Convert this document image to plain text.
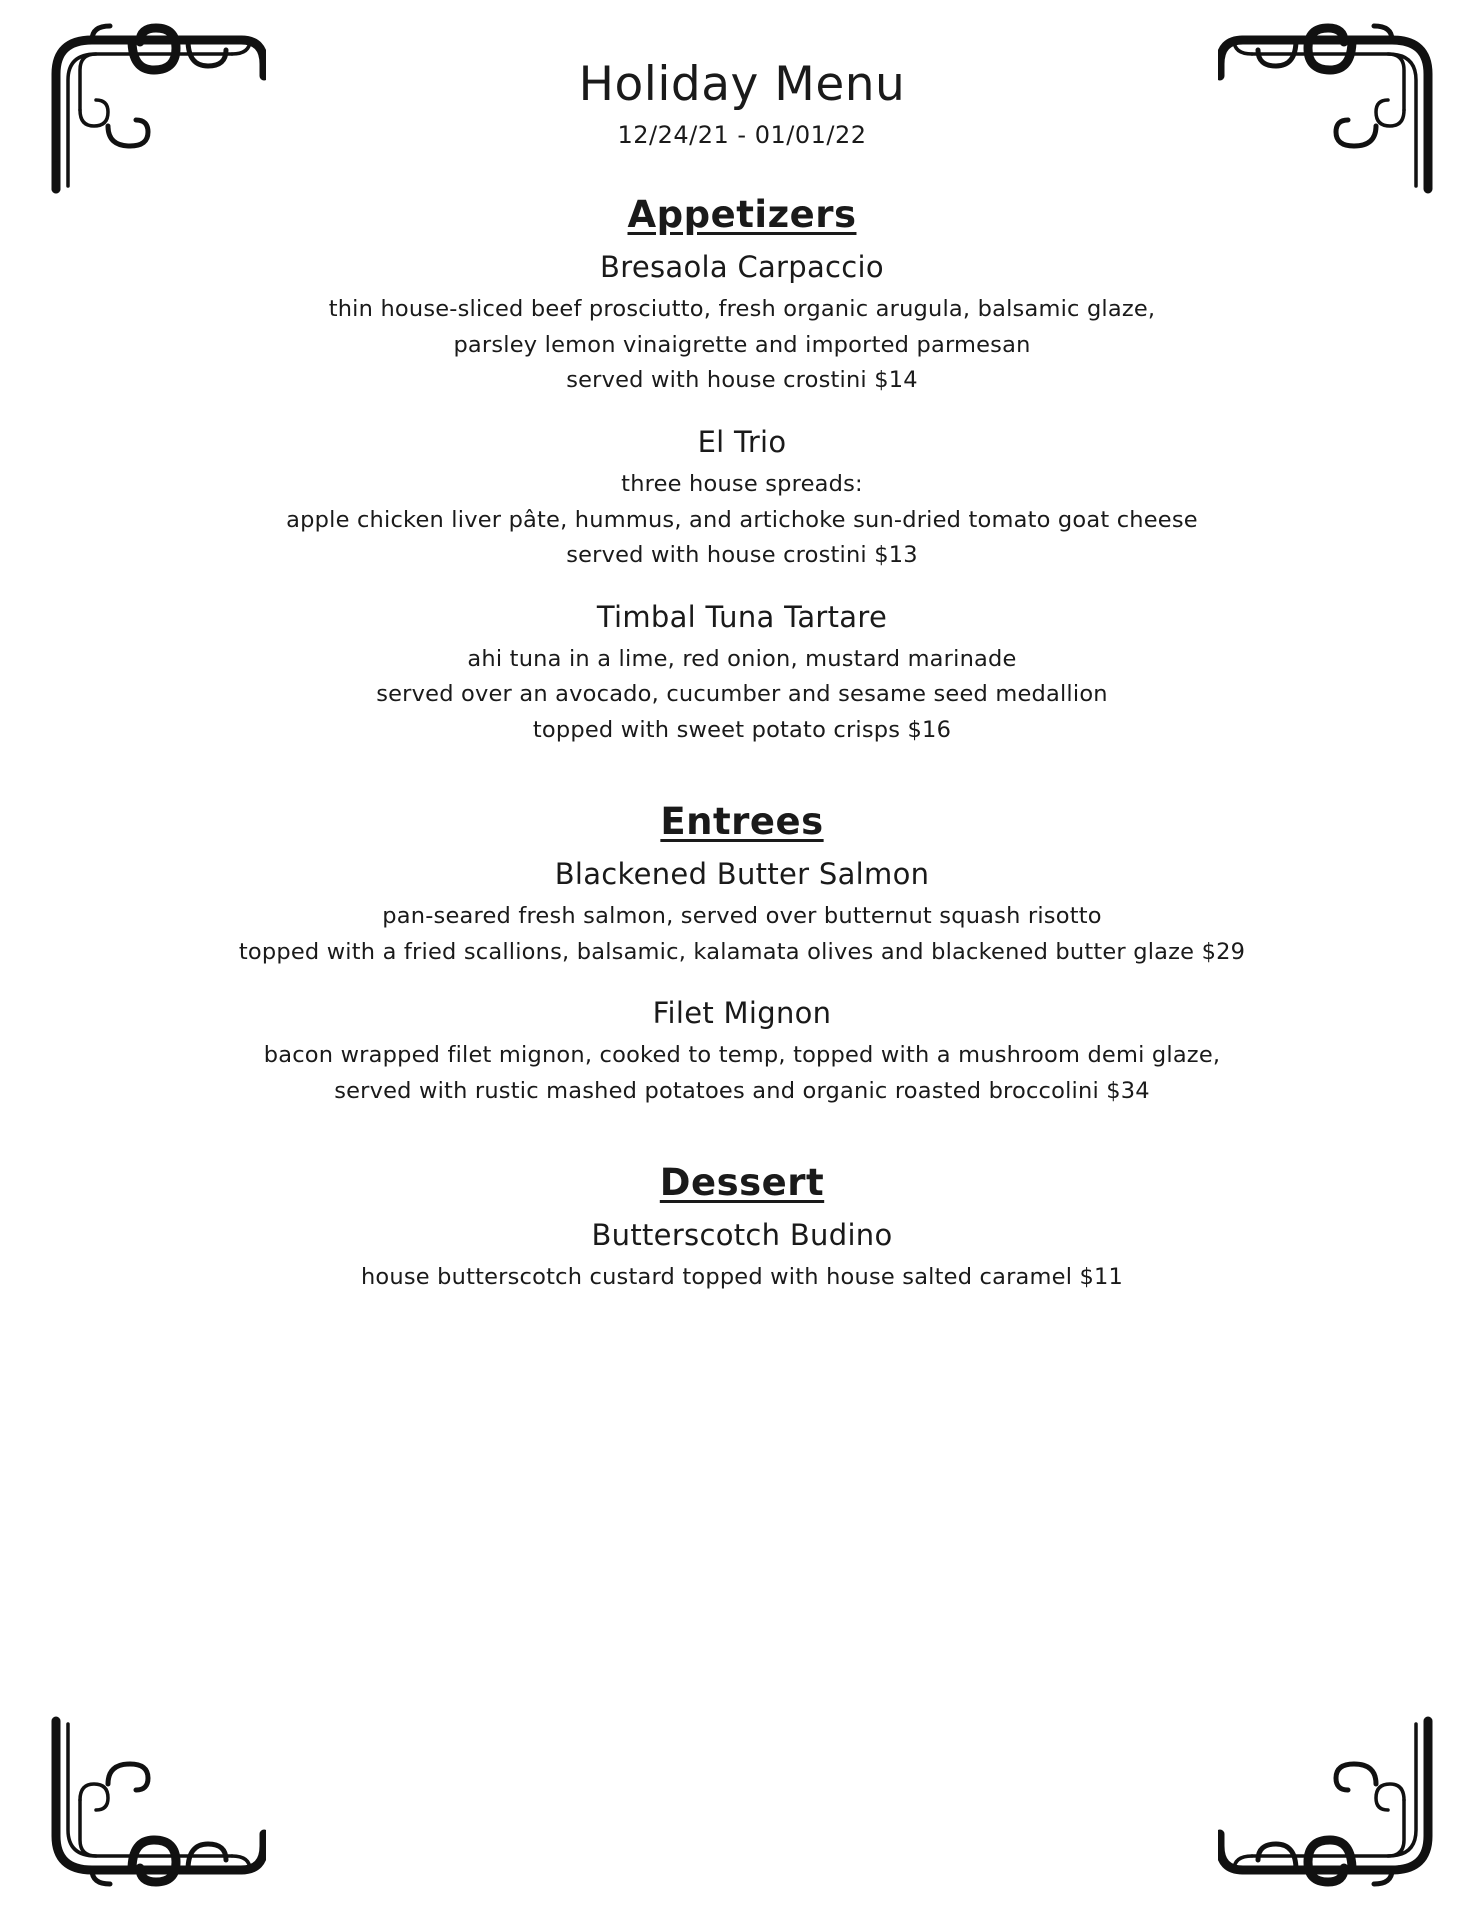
Holiday Menu
12/24/21 - 01/01/22
Appetizers
Bresaola Carpaccio
thin house-sliced beef prosciutto, fresh organic arugula, balsamic glaze,
parsley lemon vinaigrette and imported parmesan
served with house crostini $14
El Trio
three house spreads:
apple chicken liver pâte, hummus, and artichoke sun-dried tomato goat cheese
served with house crostini $13
Timbal Tuna Tartare
ahi tuna in a lime, red onion, mustard marinade
served over an avocado, cucumber and sesame seed medallion
topped with sweet potato crisps $16
Entrees
Blackened Butter Salmon
pan-seared fresh salmon, served over butternut squash risotto
topped with a fried scallions, balsamic, kalamata olives and blackened butter glaze $29
Filet Mignon
bacon wrapped filet mignon, cooked to temp, topped with a mushroom demi glaze,
served with rustic mashed potatoes and organic roasted broccolini $34
Dessert
Butterscotch Budino
house butterscotch custard topped with house salted caramel $11
